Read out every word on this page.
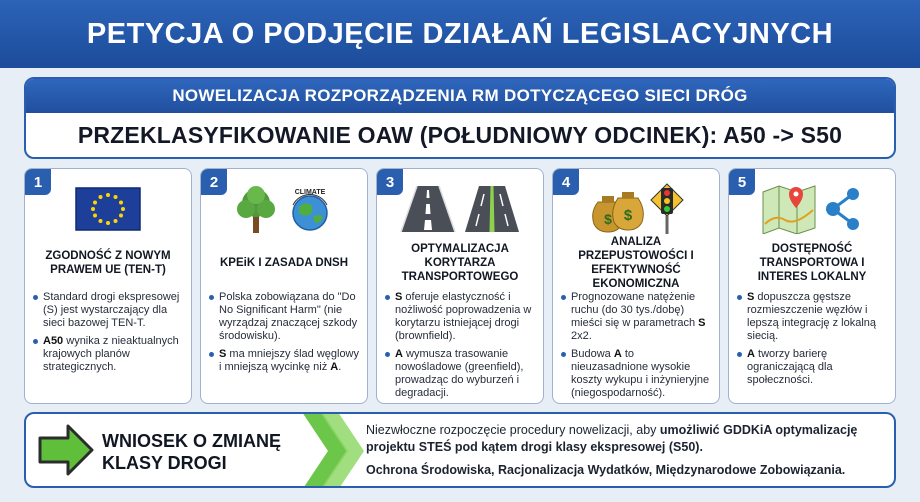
PETYCJA O PODJĘCIE DZIAŁAŃ LEGISLACYJNYCH
NOWELIZACJA ROZPORZĄDZENIA RM DOTYCZĄCEGO SIECI DRÓG
PRZEKLASYFIKOWANIE OAW (POŁUDNIOWY ODCINEK): A50 -> S50
1
ZGODNOŚĆ Z NOWYM PRAWEM UE (TEN-T)
Standard drogi ekspresowej (S) jest wystarczający dla sieci bazowej TEN-T.
A50 wynika z nieaktualnych krajowych planów strategicznych.
2
CLIMATE
KPEiK I ZASADA DNSH
Polska zobowiązana do "Do No Significant Harm" (nie wyrządzaj znaczącej szkody środowisku).
S ma mniejszy ślad węglowy i mniejszą wycinkę niż A.
3
OPTYMALIZACJA KORYTARZA TRANSPORTOWEGO
S oferuje elastyczność i nożliwość poprowadzenia w korytarzu istniejącej drogi (brownfield).
A wymusza trasowanie nowośladowe (greenfield), prowadząc do wyburzeń i degradacji.
4
$ $
ANALIZA PRZEPUSTOWOŚCI I EFEKTYWNOŚĆ EKONOMICZNA
Prognozowane natężenie ruchu (do 30 tys./dobę) mieści się w parametrach S 2x2.
Budowa A to nieuzasadnione wysokie koszty wykupu i inżynieryjne (niegospodarność).
5
DOSTĘPNOŚĆ TRANSPORTOWA I INTERES LOKALNY
S dopuszcza gęstsze rozmieszczenie węzłów i lepszą integrację z lokalną siecią.
A tworzy barierę ograniczającą dla społeczności.
WNIOSEK O ZMIANĘ KLASY DROGI
Niezwłoczne rozpoczęcie procedury nowelizacji, aby umożliwić GDDKiA optymalizację projektu STEŚ pod kątem drogi klasy ekspresowej (S50).
Ochrona Środowiska, Racjonalizacja Wydatków, Międzynarodowe Zobowiązania.
